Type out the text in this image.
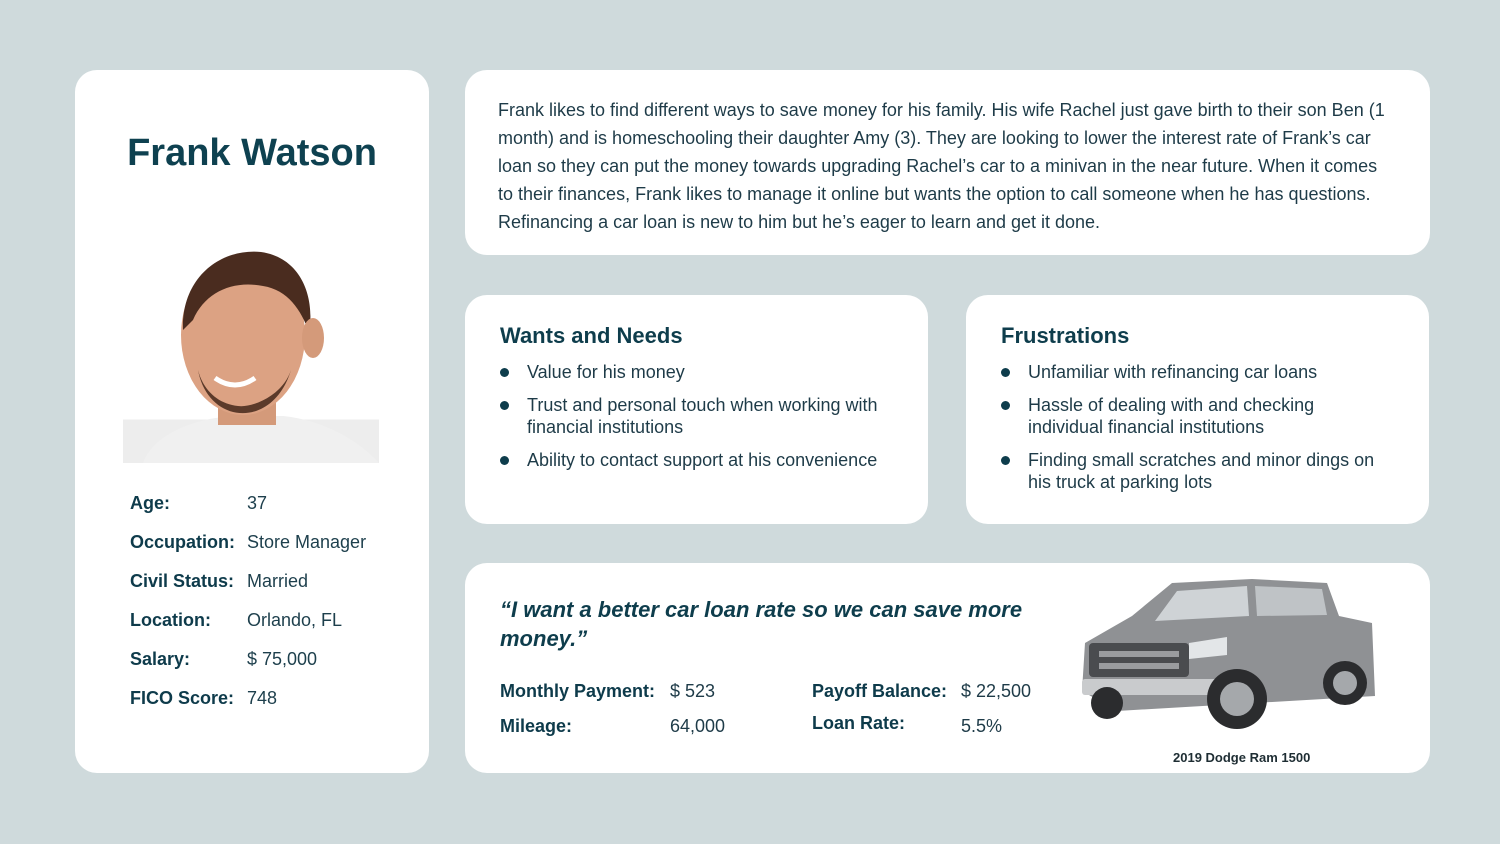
Frank Watson
Age:	37
Occupation: Store Manager
Civil Status: Married
Location:	Orlando, FL
Salary:	$ 75,000
FICO Score: 748

Frank likes to find different ways to save money for his family. His wife Rachel just gave birth to their son Ben (1 month) and is homeschooling their daughter Amy (3). They are looking to lower the interest rate of Frank’s car loan so they can put the money towards upgrading Rachel’s car to a minivan in the near future. When it comes to their finances, Frank likes to manage it online but wants the option to call someone when he has questions. Refinancing a car loan is new to him but he’s eager to learn and get it done.

Wants and Needs
Value for his money
Trust and personal touch when working with financial institutions
Ability to contact support at his convenience
Frustrations
Unfamiliar with refinancing car loans
Hassle of dealing with and checking individual financial institutions
Finding small scratches and minor dings on his truck at parking lots
“I want a better car loan rate so we can save more money.”
Monthly Payment: $ 523
Mileage:	64,000
Payoff Balance: $ 22,500
Loan Rate:	5.5%
2019 Dodge Ram 1500
